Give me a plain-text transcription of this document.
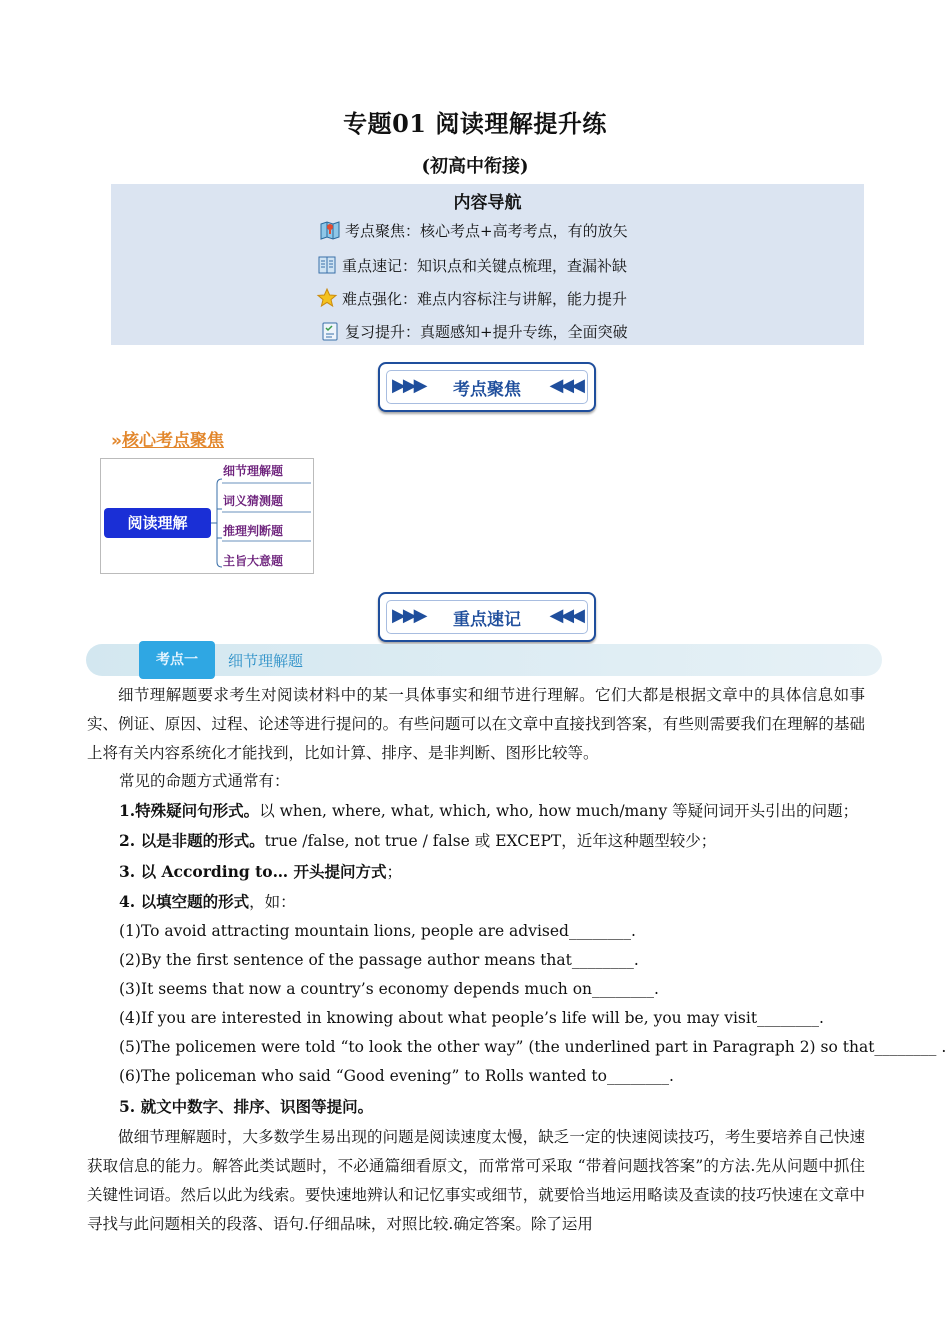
专题01 阅读理解提升练
(初高中衔接)
内容导航
考点聚焦：核心考点+高考考点，有的放矢
重点速记：知识点和关键点梳理，查漏补缺
难点强化：难点内容标注与讲解，能力提升
复习提升：真题感知+提升专练，全面突破
▶▶▶	考点聚焦	◀◀◀
»核心考点聚焦
阅读理解
细节理解题
词义猜测题
推理判断题
主旨大意题
▶▶▶	重点速记	◀◀◀
考点一	细节理解题
细节理解题要求考生对阅读材料中的某一具体事实和细节进行理解。它们大都是根据文章中的具体信息如事实、例证、原因、过程、论述等进行提问的。有些问题可以在文章中直接找到答案，有些则需要我们在理解的基础上将有关内容系统化才能找到，比如计算、排序、是非判断、图形比较等。
常见的命题方式通常有：
1.特殊疑问句形式。以 when, where, what, which, who, how much/many 等疑问词开头引出的问题；
2. 以是非题的形式。true /false, not true / false 或 EXCEPT，近年这种题型较少；
3. 以 According to… 开头提问方式；
4. 以填空题的形式，如：
(1)To avoid attracting mountain lions, people are advised________.
(2)By the first sentence of the passage author means that________.
(3)It seems that now a country’s economy depends much on________.
(4)If you are interested in knowing about what people’s life will be, you may visit________.
(5)The policemen were told “to look the other way” (the underlined part in Paragraph 2) so that________ .
(6)The policeman who said “Good evening” to Rolls wanted to________.
5. 就文中数字、排序、识图等提问。
做细节理解题时，大多数学生易出现的问题是阅读速度太慢，缺乏一定的快速阅读技巧，考生要培养自己快速获取信息的能力。解答此类试题时，不必通篇细看原文，而常常可采取 “带着问题找答案”的方法.先从问题中抓住关键性词语。然后以此为线索。要快速地辨认和记忆事实或细节，就要恰当地运用略读及查读的技巧快速在文章中寻找与此问题相关的段落、语句.仔细品味，对照比较.确定答案。除了运用
